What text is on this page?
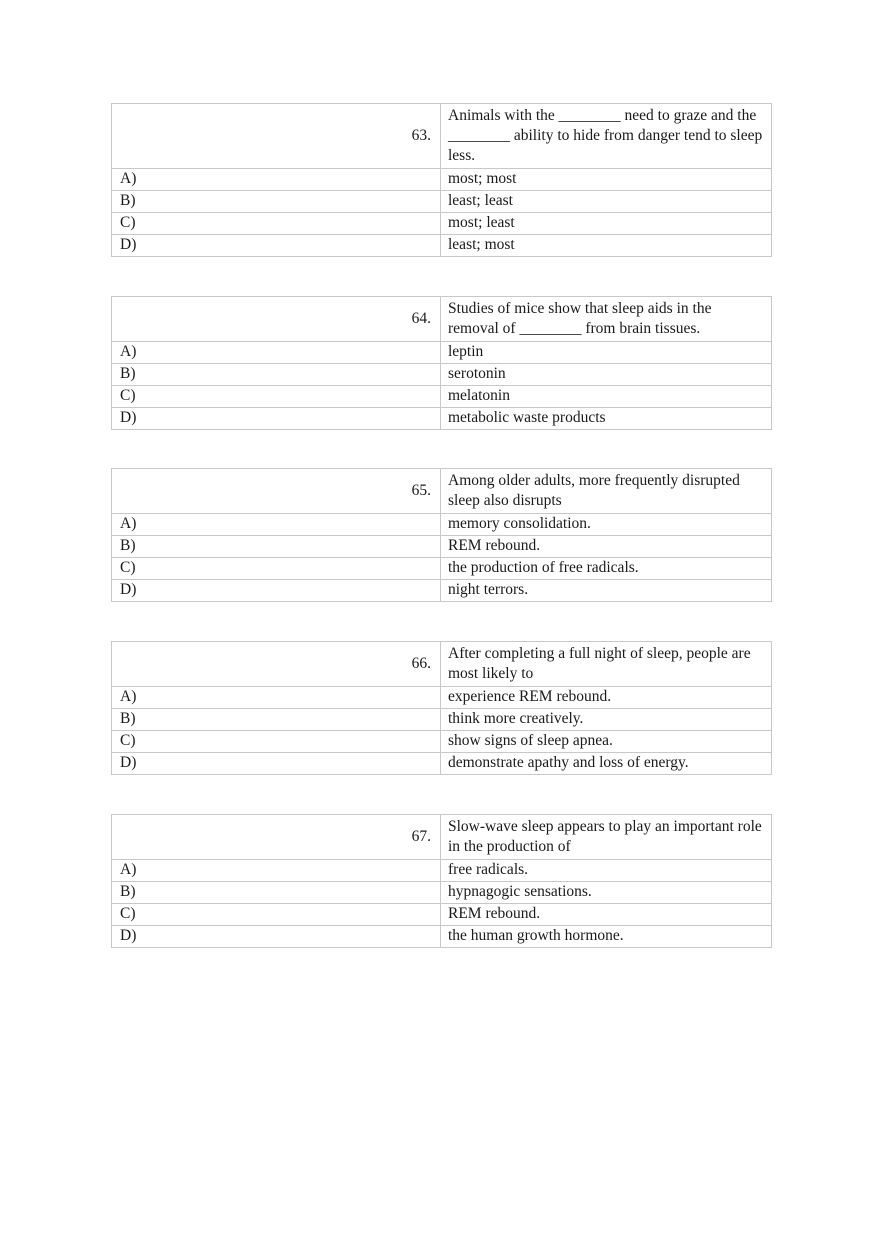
63.	Animals with the ________ need to graze and the ________ ability to hide from danger tend to sleep less.
A)	most; most
B)	least; least
C)	most; least
D)	least; most
64.	Studies of mice show that sleep aids in the removal of ________ from brain tissues.
A)	leptin
B)	serotonin
C)	melatonin
D)	metabolic waste products
65.	Among older adults, more frequently disrupted sleep also disrupts
A)	memory consolidation.
B)	REM rebound.
C)	the production of free radicals.
D)	night terrors.
66.	After completing a full night of sleep, people are most likely to
A)	experience REM rebound.
B)	think more creatively.
C)	show signs of sleep apnea.
D)	demonstrate apathy and loss of energy.
67.	Slow-wave sleep appears to play an important role in the production of
A)	free radicals.
B)	hypnagogic sensations.
C)	REM rebound.
D)	the human growth hormone.
